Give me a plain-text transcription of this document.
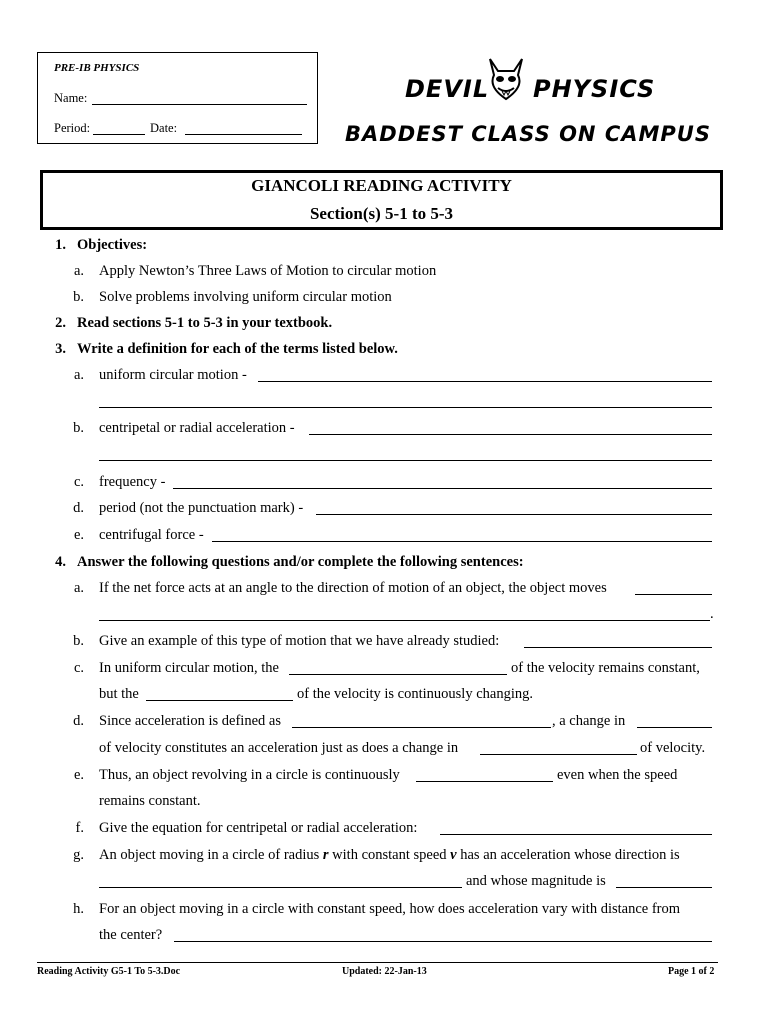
PRE-IB PHYSICS
Name:
Period:	Date:
DEVIL PHYSICS
BADDEST CLASS ON CAMPUS
GIANCOLI READING ACTIVITY
Section(s) 5-1 to 5-3
1. Objectives:
a. Apply Newton’s Three Laws of Motion to circular motion
b. Solve problems involving uniform circular motion
2. Read sections 5-1 to 5-3 in your textbook.
3. Write a definition for each of the terms listed below.
a. uniform circular motion -
b. centripetal or radial acceleration -
c. frequency -
d. period (not the punctuation mark) -
e. centrifugal force -
4. Answer the following questions and/or complete the following sentences:
a. If the net force acts at an angle to the direction of motion of an object, the object moves
.
b. Give an example of this type of motion that we have already studied:
c. In uniform circular motion, the	of the velocity remains constant,
but the	of the velocity is continuously changing.
d. Since acceleration is defined as	, a change in
of velocity constitutes an acceleration just as does a change in	of velocity.
e. Thus, an object revolving in a circle is continuously	even when the speed
remains constant.
f. Give the equation for centripetal or radial acceleration:
g. An object moving in a circle of radius r with constant speed v has an acceleration whose direction is
and whose magnitude is
h. For an object moving in a circle with constant speed, how does acceleration vary with distance from
the center?
Reading Activity G5-1 To 5-3.Doc	Updated: 22-Jan-13	Page 1 of 2
